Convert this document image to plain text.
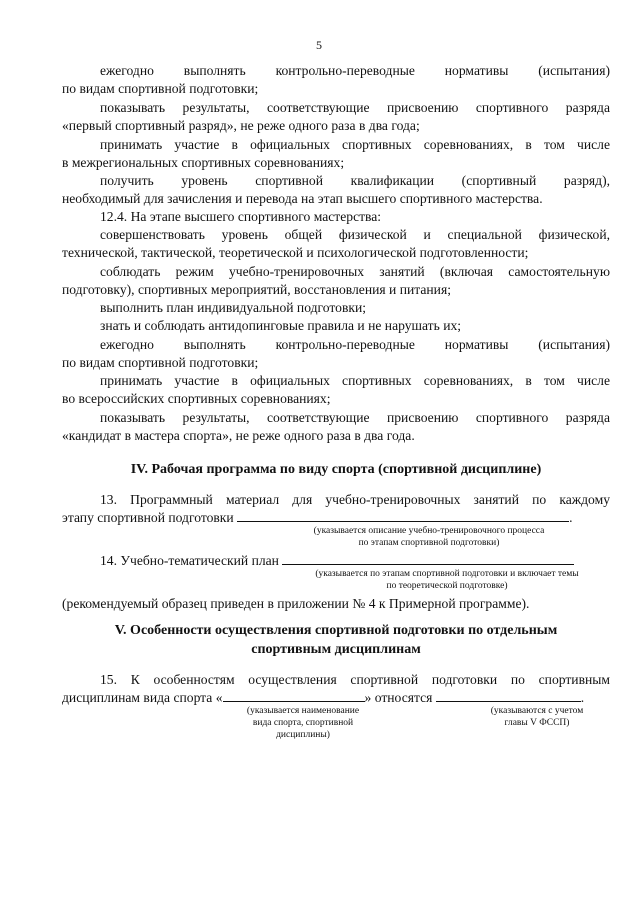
5
ежегодно выполнять контрольно-переводные нормативы (испытания)
по видам спортивной подготовки;
показывать результаты, соответствующие присвоению спортивного разряда
«первый спортивный разряд», не реже одного раза в два года;
принимать участие в официальных спортивных соревнованиях, в том числе
в межрегиональных спортивных соревнованиях;
получить уровень спортивной квалификации (спортивный разряд),
необходимый для зачисления и перевода на этап высшего спортивного мастерства.
12.4. На этапе высшего спортивного мастерства:
совершенствовать уровень общей физической и специальной физической,
технической, тактической, теоретической и психологической подготовленности;
соблюдать режим учебно-тренировочных занятий (включая самостоятельную
подготовку), спортивных мероприятий, восстановления и питания;
выполнить план индивидуальной подготовки;
знать и соблюдать антидопинговые правила и не нарушать их;
ежегодно выполнять контрольно-переводные нормативы (испытания)
по видам спортивной подготовки;
принимать участие в официальных спортивных соревнованиях, в том числе
во всероссийских спортивных соревнованиях;
показывать результаты, соответствующие присвоению спортивного разряда
«кандидат в мастера спорта», не реже одного раза в два года.
IV. Рабочая программа по виду спорта (спортивной дисциплине)
13. Программный материал для учебно-тренировочных занятий по каждому
этапу спортивной подготовки	.
(указывается описание учебно-тренировочного процесса
по этапам спортивной подготовки)
14. Учебно-тематический план
(указывается по этапам спортивной подготовки и включает темы
по теоретической подготовке)
(рекомендуемый образец приведен в приложении № 4 к Примерной программе).
V. Особенности осуществления спортивной подготовки по отдельным
спортивным дисциплинам
15. К особенностям осуществления спортивной подготовки по спортивным
дисциплинам вида спорта «	» относятся	.
(указывается наименование
вида спорта, спортивной
дисциплины)
(указываются с учетом
главы V ФССП)
